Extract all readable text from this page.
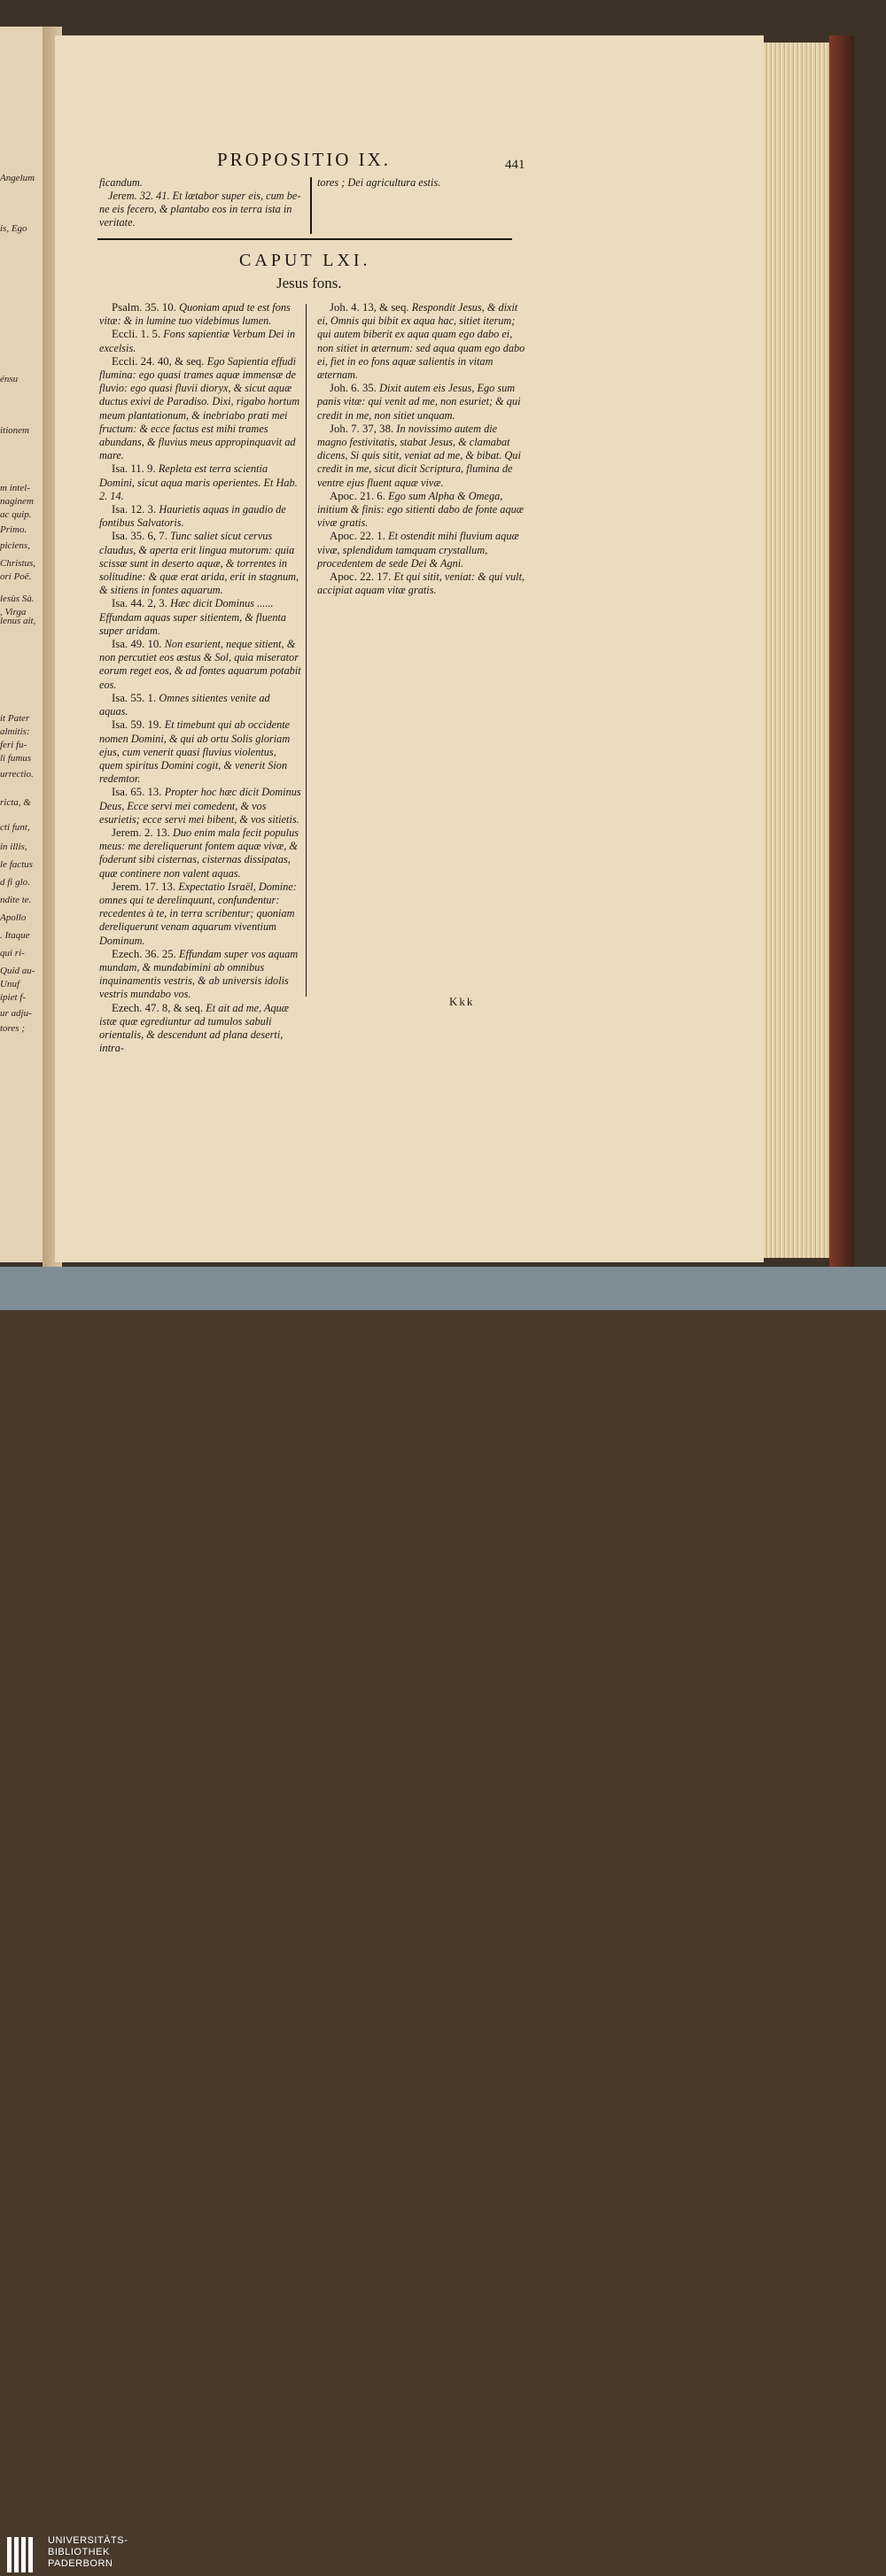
Angelum
is, Ego
énsu
itionem
m intel-
naginem
ac quip.
Primo.
piciens,
Christus,
ori Poë.
lesùs Sà.
, Virga
lenus ait,
it Pater
almitis:
feri fu-
li fumus
urrectio.
ricta, &
cti funt,
in illis,
le factus
d fi glo.
ndite te.
Apollo
. Itaque
qui ri-
Quid au-
Unuf
ipiet f-
ur adju-
tores ;
PROPOSITIO IX.	441
ficandum.
Jerem. 32. 41. Et lætabor super eis, cum be-
ne eis fecero, & plantabo eos in terra ista in
veritate.
tores ; Dei agricultura estis.
CAPUT LXI.
Jesus fons.

Psalm. 35. 10. Quoniam apud te est fons vitæ: & in lumine tuo videbimus lumen.

Eccli. 1. 5. Fons sapientiæ Verbum Dei in excelsis.

Eccli. 24. 40, & seq. Ego Sapientia effudi flumina: ego quasi trames aquæ immensæ de fluvio: ego quasi fluvii dioryx, & sicut aquæ ductus exivi de Paradiso. Dixi, rigabo hortum meum plantationum, & inebriabo prati mei fructum: & ecce factus est mihi trames abundans, & fluvius meus appropinquavit ad mare.

Isa. 11. 9. Repleta est terra scientia Domini, sicut aqua maris operientes. Et Hab. 2. 14.

Isa. 12. 3. Haurietis aquas in gaudio de fontibus Salvatoris.

Isa. 35. 6, 7. Tunc saliet sicut cervus claudus, & aperta erit lingua mutorum: quia scissæ sunt in deserto aquæ, & torrentes in solitudine: & quæ erat arida, erit in stagnum, & sitiens in fontes aquarum.

Isa. 44. 2, 3. Hæc dicit Dominus ...... Effundam aquas super sitientem, & fluenta super aridam.

Isa. 49. 10. Non esurient, neque sitient, & non percutiet eos æstus & Sol, quia miserator eorum reget eos, & ad fontes aquarum potabit eos.

Isa. 55. 1. Omnes sitientes venite ad aquas.

Isa. 59. 19. Et timebunt qui ab occidente nomen Domini, & qui ab ortu Solis gloriam ejus, cum venerit quasi fluvius violentus, quem spiritus Domini cogit, & venerit Sion redemtor.

Isa. 65. 13. Propter hoc hæc dicit Dominus Deus, Ecce servi mei comedent, & vos esurietis; ecce servi mei bibent, & vos sitietis.

Jerem. 2. 13. Duo enim mala fecit populus meus: me dereliquerunt fontem aquæ vivæ, & foderunt sibi cisternas, cisternas dissipatas, quæ continere non valent aquas.

Jerem. 17. 13. Expectatio Israël, Domine: omnes qui te derelinquunt, confundentur: recedentes à te, in terra scribentur; quoniam dereliquerunt venam aquarum viventium Dominum.

Ezech. 36. 25. Effundam super vos aquam mundam, & mundabimini ab omnibus inquinamentis vestris, & ab universis idolis vestris mundabo vos.

Ezech. 47. 8, & seq. Et ait ad me, Aquæ istæ quæ egrediuntur ad tumulos sabuli orientalis, & descendunt ad plana deserti, intra-

Joh. 4. 13, & seq. Respondit Jesus, & dixit ei, Omnis qui bibit ex aqua hac, sitiet iterum; qui autem biberit ex aqua quam ego dabo ei, non sitiet in æternum: sed aqua quam ego dabo ei, fiet in eo fons aquæ salientis in vitam æternam.

Joh. 6. 35. Dixit autem eis Jesus, Ego sum panis vitæ: qui venit ad me, non esuriet; & qui credit in me, non sitiet unquam.

Joh. 7. 37, 38. In novissimo autem die magno festivitatis, stabat Jesus, & clamabat dicens, Si quis sitit, veniat ad me, & bibat. Qui credit in me, sicut dicit Scriptura, flumina de ventre ejus fluent aquæ vivæ.

Apoc. 21. 6. Ego sum Alpha & Omega, initium & finis: ego sitienti dabo de fonte aquæ vivæ gratis.

Apoc. 22. 1. Et ostendit mihi fluvium aquæ vivæ, splendidum tamquam crystallum, procedentem de sede Dei & Agni.

Apoc. 22. 17. Et qui sitit, veniat: & qui vult, accipiat aquam vitæ gratis.

Kkk
UNIVERSITÄTS-
BIBLIOTHEK
PADERBORN
